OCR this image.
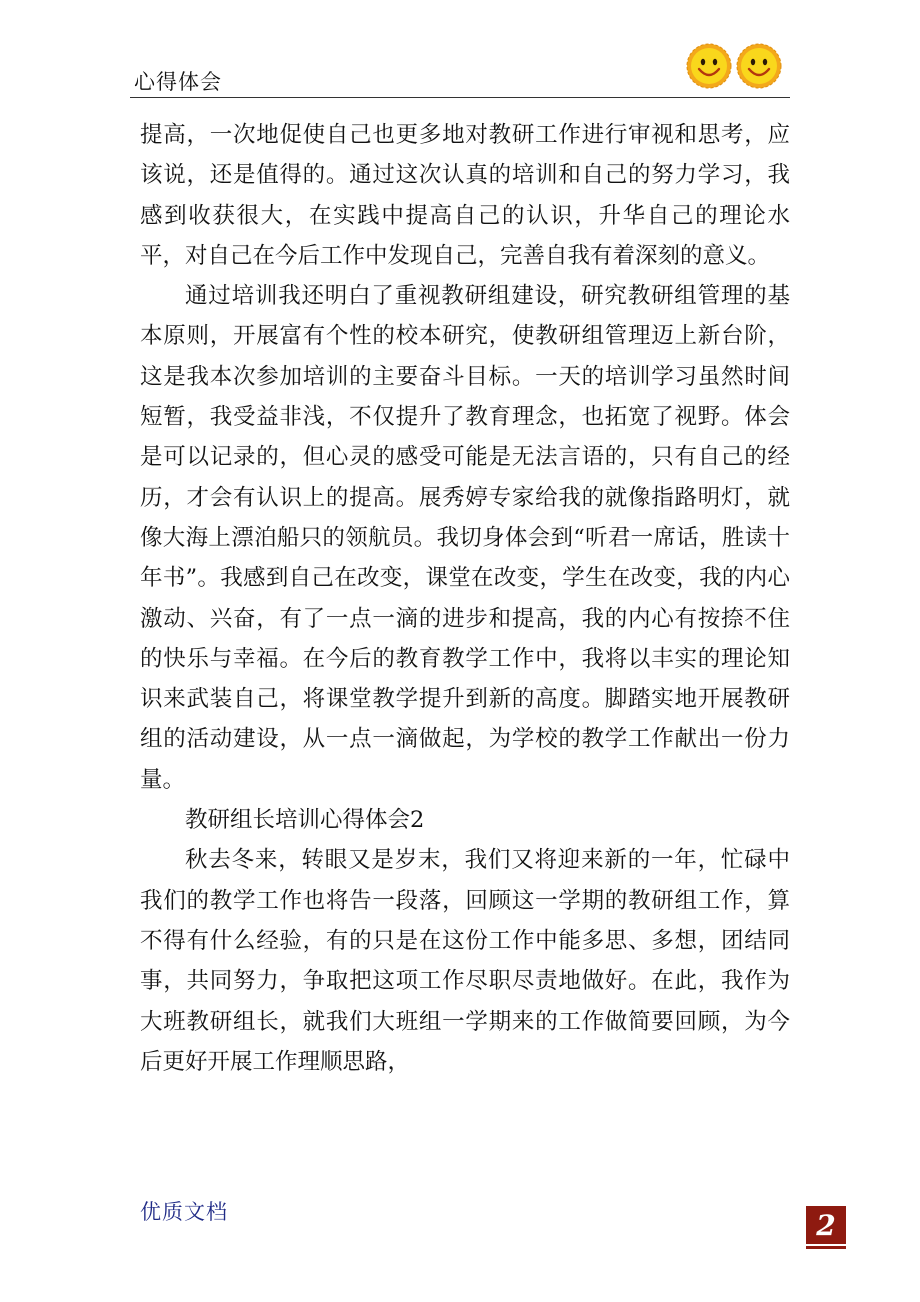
心得体会

提高，一次地促使自己也更多地对教研工作进行审视和思考，应该说，还是值得的。通过这次认真的培训和自己的努力学习，我感到收获很大，在实践中提高自己的认识，升华自己的理论水平，对自己在今后工作中发现自己，完善自我有着深刻的意义。

通过培训我还明白了重视教研组建设，研究教研组管理的基本原则，开展富有个性的校本研究，使教研组管理迈上新台阶，这是我本次参加培训的主要奋斗目标。一天的培训学习虽然时间短暂，我受益非浅，不仅提升了教育理念，也拓宽了视野。体会是可以记录的，但心灵的感受可能是无法言语的，只有自己的经历，才会有认识上的提高。展秀婷专家给我的就像指路明灯，就像大海上漂泊船只的领航员。我切身体会到“听君一席话，胜读十年书”。我感到自己在改变，课堂在改变，学生在改变，我的内心激动、兴奋，有了一点一滴的进步和提高，我的内心有按捺不住的快乐与幸福。在今后的教育教学工作中，我将以丰实的理论知识来武装自己，将课堂教学提升到新的高度。脚踏实地开展教研组的活动建设，从一点一滴做起，为学校的教学工作献出一份力量。

教研组长培训心得体会2

秋去冬来，转眼又是岁末，我们又将迎来新的一年，忙碌中我们的教学工作也将告一段落，回顾这一学期的教研组工作，算不得有什么经验，有的只是在这份工作中能多思、多想，团结同事，共同努力，争取把这项工作尽职尽责地做好。在此，我作为大班教研组长，就我们大班组一学期来的工作做简要回顾，为今后更好开展工作理顺思路，

优质文档	2
